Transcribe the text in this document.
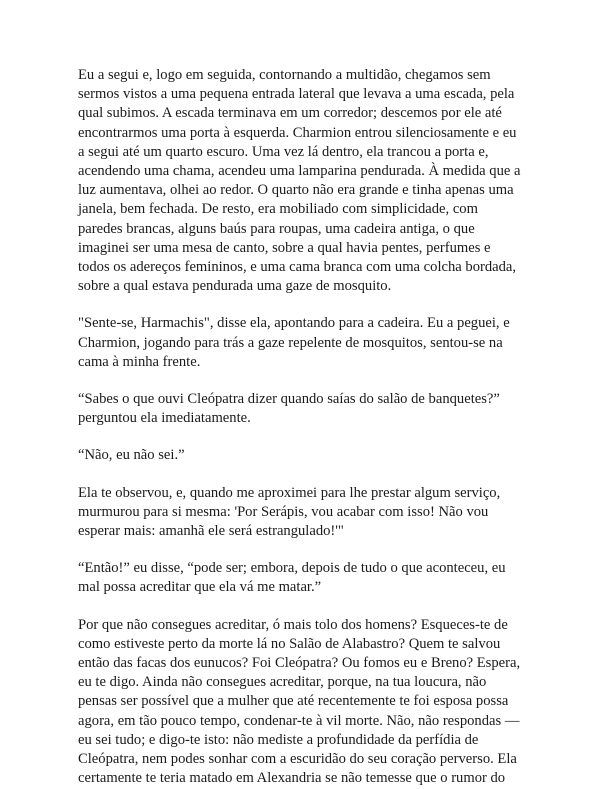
Eu a segui e, logo em seguida, contornando a multidão, chegamos sem
sermos vistos a uma pequena entrada lateral que levava a uma escada, pela
qual subimos. A escada terminava em um corredor; descemos por ele até
encontrarmos uma porta à esquerda. Charmion entrou silenciosamente e eu
a segui até um quarto escuro. Uma vez lá dentro, ela trancou a porta e,
acendendo uma chama, acendeu uma lamparina pendurada. À medida que a
luz aumentava, olhei ao redor. O quarto não era grande e tinha apenas uma
janela, bem fechada. De resto, era mobiliado com simplicidade, com
paredes brancas, alguns baús para roupas, uma cadeira antiga, o que
imaginei ser uma mesa de canto, sobre a qual havia pentes, perfumes e
todos os adereços femininos, e uma cama branca com uma colcha bordada,
sobre a qual estava pendurada uma gaze de mosquito.

"Sente-se, Harmachis", disse ela, apontando para a cadeira. Eu a peguei, e
Charmion, jogando para trás a gaze repelente de mosquitos, sentou-se na
cama à minha frente.

“Sabes o que ouvi Cleópatra dizer quando saías do salão de banquetes?”
perguntou ela imediatamente.

“Não, eu não sei.”

Ela te observou, e, quando me aproximei para lhe prestar algum serviço,
murmurou para si mesma: 'Por Serápis, vou acabar com isso! Não vou
esperar mais: amanhã ele será estrangulado!'"

“Então!” eu disse, “pode ser; embora, depois de tudo o que aconteceu, eu
mal possa acreditar que ela vá me matar.”

Por que não consegues acreditar, ó mais tolo dos homens? Esqueces-te de
como estiveste perto da morte lá no Salão de Alabastro? Quem te salvou
então das facas dos eunucos? Foi Cleópatra? Ou fomos eu e Breno? Espera,
eu te digo. Ainda não consegues acreditar, porque, na tua loucura, não
pensas ser possível que a mulher que até recentemente te foi esposa possa
agora, em tão pouco tempo, condenar-te à vil morte. Não, não respondas —
eu sei tudo; e digo-te isto: não mediste a profundidade da perfídia de
Cleópatra, nem podes sonhar com a escuridão do seu coração perverso. Ela
certamente te teria matado em Alexandria se não temesse que o rumor do
